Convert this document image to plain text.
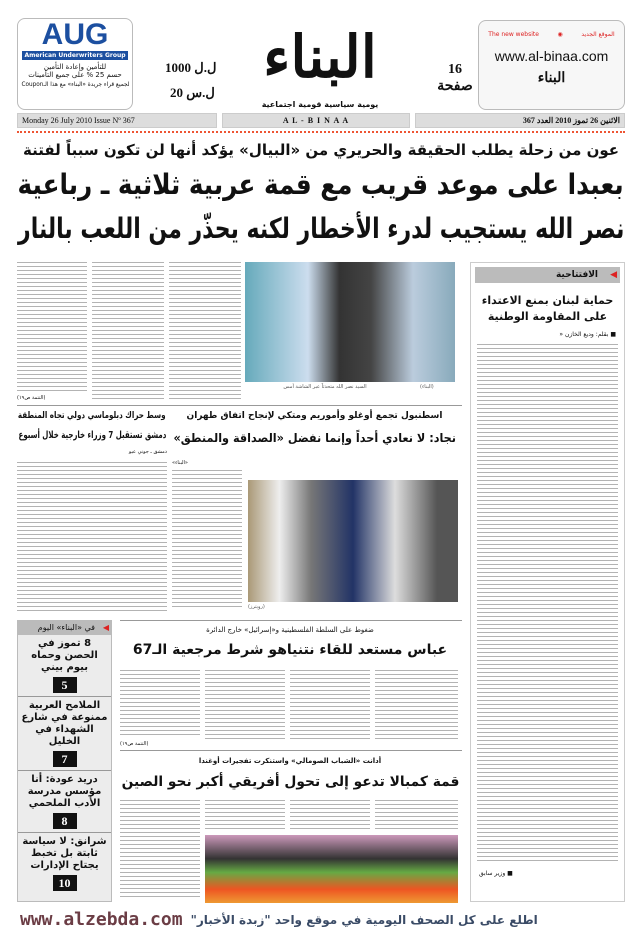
AUG
American Underwriters Group
للتأمين وإعادة التأمين
حسم 25 % على جميع التأمينات
لجميع قراء جريدة «البناء» مع هذا الـCoupon
1000 ل.ل
20 ل.س
البناء
يومية سياسية قومية اجتماعية
16
صفحة
The new website	◉	الموقع الجديد
www.al-binaa.com
البناء
Monday 26 July 2010 Issue Nº 367	A L - B I N A A	الاثنين 26 تموز 2010 العدد 367
عون من زحلة يطلب الحقيقة والحريري من «البيال» يؤكد أنها لن تكون سبباً لفتنة
بعبدا على موعد قريب مع قمة عربية ثلاثية ـ رباعية
نصر الله يستجيب لدرء الأخطار لكنه يحذّر من اللعب بالنار
السيد نصر الله متحدثاً عبر الشاشة أمس	(البناء)
(التتمة ص١٩)
الافتتاحية ◀
حماية لبنان بمنع الاعتداء على المقاومة الوطنية
■ بقلم: وديع الخازن «
■ وزير سابق
وسط حراك دبلوماسي دولي تجاه المنطقة
دمشق تستقبل 7 وزراء خارجية خلال أسبوع
دمشق ـ جوني عيو
اسطنبول تجمع أوغلو وأموريم ومتكي لإنجاح اتفاق طهران
نجاد: لا نعادي أحداً وإنما نفضل «الصداقة والمنطق»
«البناء»
(رويترز)
في «البناء» اليوم ◀
8 تموز في الحصن وحماه بيوم بيني
5
الملامح العربية ممنوعة في شارع الشهداء في الخليل
7
دريد عودة: أنا مؤسس مدرسة الأدب الملحمي
8
شرانق: لا سياسة ثابتة بل تخبط يجتاح الإدارات
10
ضغوط على السلطة الفلسطينية و«إسرائيل» خارج الدائرة
عباس مستعد للقاء نتنياهو شرط مرجعية الـ67
(التتمة ص١٩)
أدانت «الشباب الصومالي» واستنكرت تفجيرات أوغندا
قمة كمبالا تدعو إلى تحول أفريقي أكبر نحو الصين
www.alzebda.com اطلع على كل الصحف اليومية في موقع واحد "زبدة الأخبار"
